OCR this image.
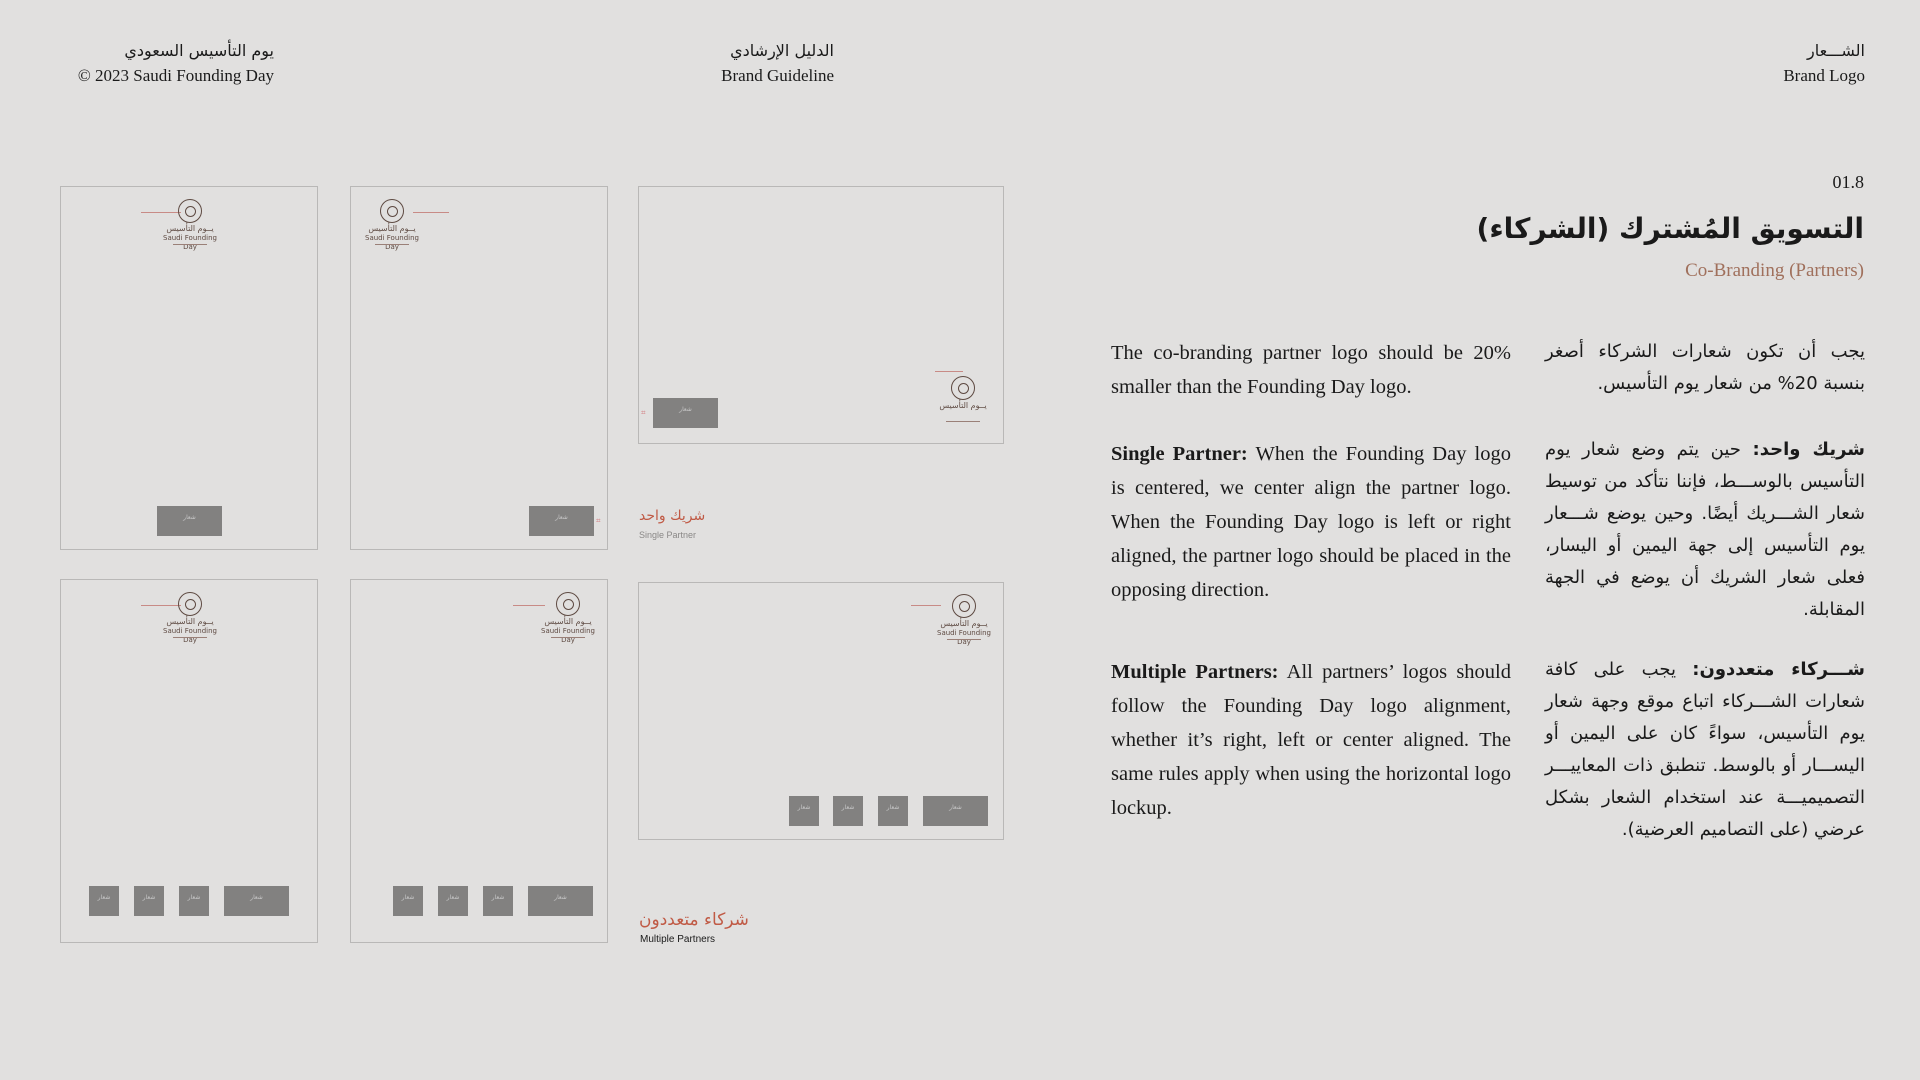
يوم التأسيس السعودي
© 2023 Saudi Founding Day
الدليل الإرشادي
Brand Guideline
الشـــعار
Brand Logo
يــوم التأسيس
Saudi Founding Day
شعار
يــوم التأسيس
Saudi Founding Day
شعار	⌗
يــوم التأسيس
⌗	شعار
شريك واحد
Single Partner
يــوم التأسيس
Saudi Founding Day
شعار	شعار	شعار	شعار
يــوم التأسيس
Saudi Founding Day
شعار	شعار	شعار	شعار
يــوم التأسيس
Saudi Founding Day
شعار	شعار	شعار	شعار
شركاء متعددون
Multiple Partners
01.8
التسويق المُشترك (الشركاء)
Co-Branding (Partners)
The co-branding partner logo should be 20% smaller than the Founding Day logo.
Single Partner: When the Founding Day logo is centered, we center align the partner logo. When the Founding Day logo is left or right aligned, the partner logo should be placed in the opposing direction.
Multiple Partners: All partners’ logos should follow the Founding Day logo alignment, whether it’s right, left or center aligned. The same rules apply when using the horizontal logo lockup.
يجب أن تكون شعارات الشركاء أصغر بنسبة 20% من شعار يوم التأسيس.
شريك واحد: حين يتم وضع شعار يوم التأسيس بالوســـط، فإننا نتأكد من توسيط شعار الشـــريك أيضًا. وحين يوضع شـــعار يوم التأسيس إلى جهة اليمين أو اليسار، فعلى شعار الشريك أن يوضع في الجهة المقابلة.
شـــركاء متعددون: يجب على كافة شعارات الشـــركاء اتباع موقع وجهة شعار يوم التأسيس، سواءً كان على اليمين أو اليســـار أو بالوسط. تنطبق ذات المعاييـــر التصميميـــة عند استخدام الشعار بشكل عرضي (على التصاميم العرضية).
